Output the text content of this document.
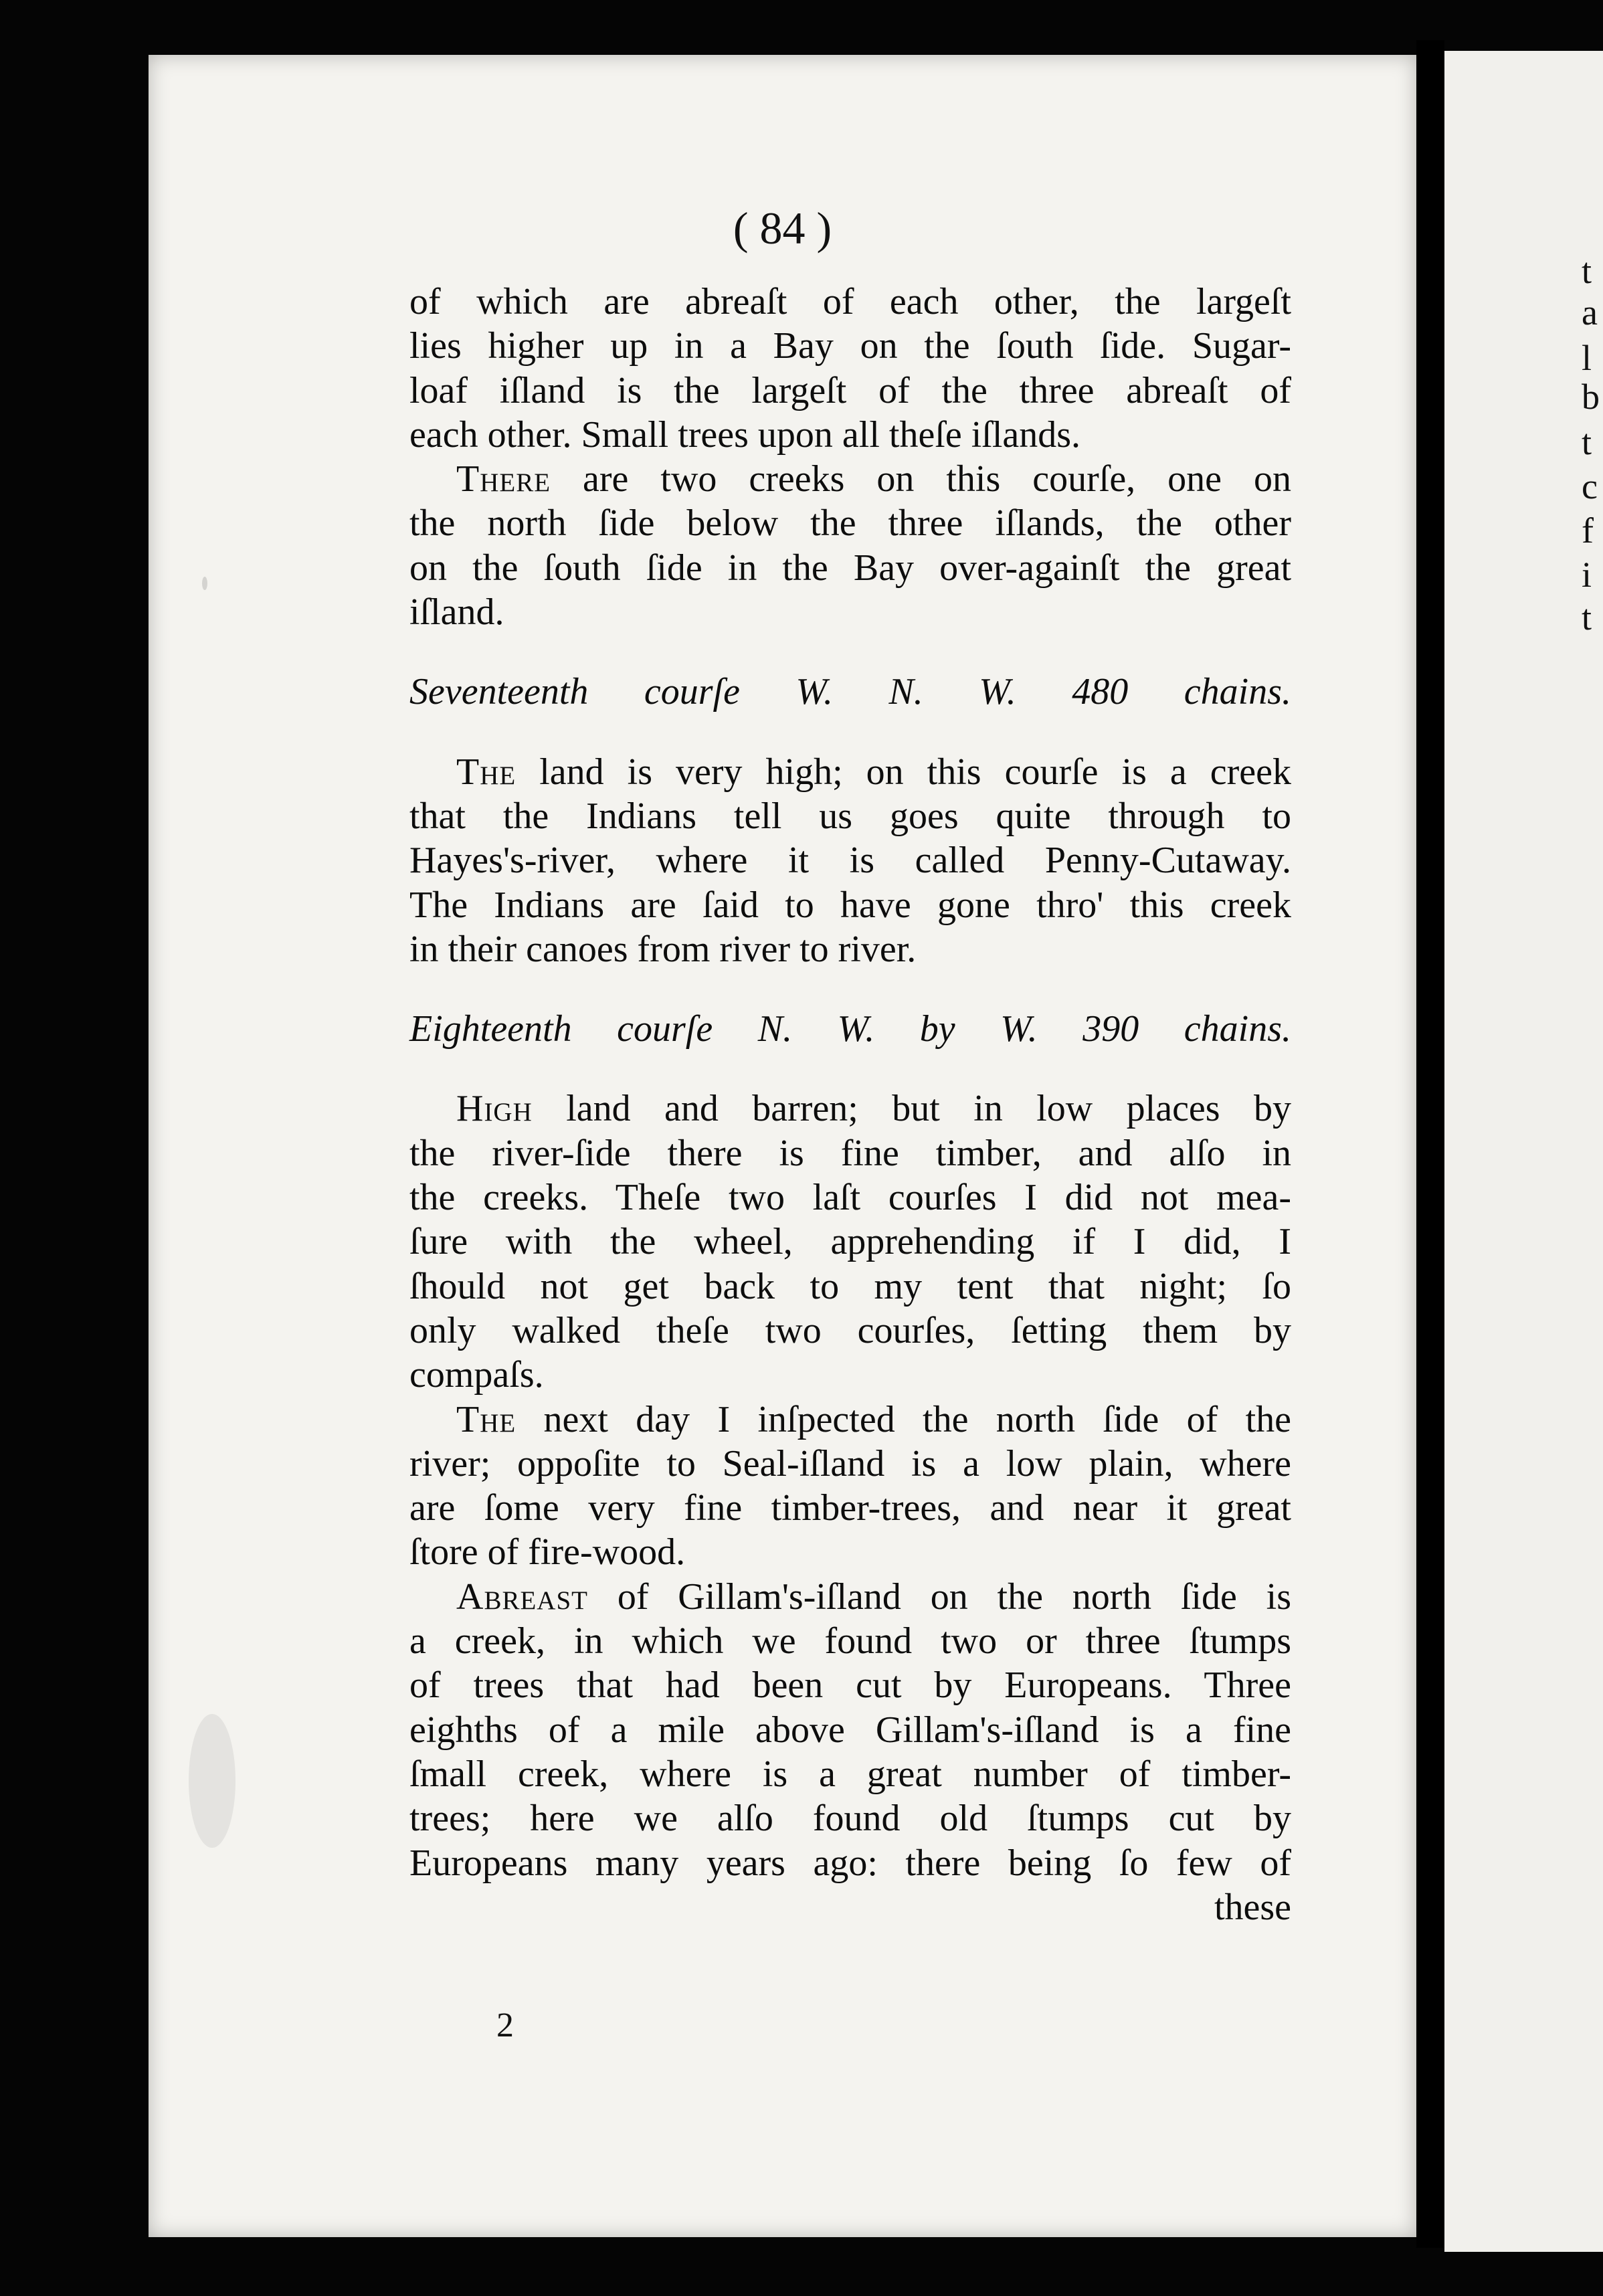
t
a
l
b
t
c
f
i
t
( 84 )

of which are abreaſt of each other, the largeſt

lies higher up in a Bay on the ſouth ſide. Sugar-

loaf iſland is the largeſt of the three abreaſt of

each other. Small trees upon all theſe iſlands.

There are two creeks on this courſe, one on

the north ſide below the three iſlands, the other

on the ſouth ſide in the Bay over-againſt the great

iſland.

Seventeenth courſe W. N. W. 480 chains.

The land is very high; on this courſe is a creek

that the Indians tell us goes quite through to

Hayes's-river, where it is called Penny-Cutaway.

The Indians are ſaid to have gone thro' this creek

in their canoes from river to river.

Eighteenth courſe N. W. by W. 390 chains.

High land and barren; but in low places by

the river-ſide there is fine timber, and alſo in

the creeks. Theſe two laſt courſes I did not mea-

ſure with the wheel, apprehending if I did, I

ſhould not get back to my tent that night; ſo

only walked theſe two courſes, ſetting them by

compaſs.

The next day I inſpected the north ſide of the

river; oppoſite to Seal-iſland is a low plain, where

are ſome very fine timber-trees, and near it great

ſtore of fire-wood.

Abreast of Gillam's-iſland on the north ſide is

a creek, in which we found two or three ſtumps

of trees that had been cut by Europeans. Three

eighths of a mile above Gillam's-iſland is a fine

ſmall creek, where is a great number of timber-

trees; here we alſo found old ſtumps cut by

Europeans many years ago: there being ſo few of

these

2
